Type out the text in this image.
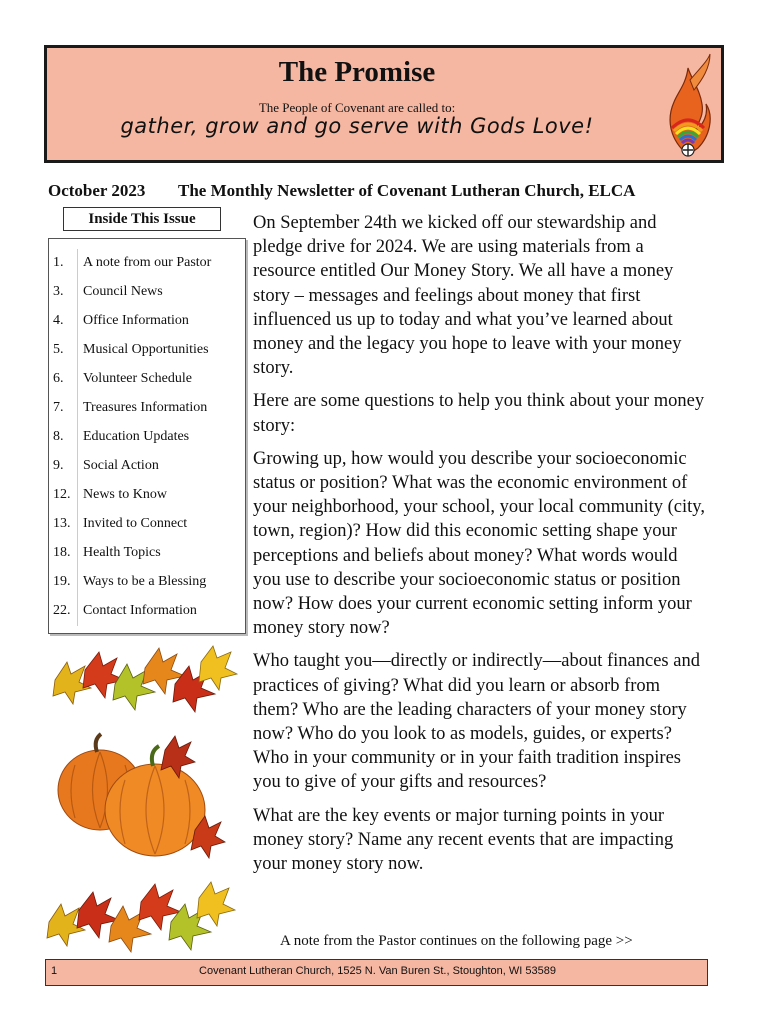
The Promise
The People of Covenant are called to:
gather, grow and go serve with Gods Love!
October 2023 The Monthly Newsletter of Covenant Lutheran Church, ELCA
Inside This Issue
1.	A note from our Pastor
3.	Council News
4.	Office Information
5.	Musical Opportunities
6.	Volunteer Schedule
7.	Treasures Information
8.	Education Updates
9.	Social Action
12. News to Know
13. Invited to Connect
18. Health Topics
19. Ways to be a Blessing
22. Contact Information

On September 24th we kicked off our stewardship and pledge drive for 2024. We are using materials from a resource entitled Our Money Story. We all have a money story – messages and feelings about money that first influenced us up to today and what you’ve learned about money and the legacy you hope to leave with your money story.

Here are some questions to help you think about your money story:

Growing up, how would you describe your socioeconomic status or position? What was the economic environment of your neighborhood, your school, your local community (city, town, region)? How did this economic setting shape your perceptions and beliefs about money? What words would you use to describe your socioeconomic status or position now? How does your current economic setting inform your money story now?

Who taught you—directly or indirectly—about finances and practices of giving? What did you learn or absorb from them? Who are the leading characters of your money story now? Who do you look to as models, guides, or experts? Who in your community or in your faith tradition inspires you to give of your gifts and resources?

What are the key events or major turning points in your money story? Name any recent events that are impacting your money story now.

A note from the Pastor continues on the following page >>
1	Covenant Lutheran Church, 1525 N. Van Buren St., Stoughton, WI 53589
